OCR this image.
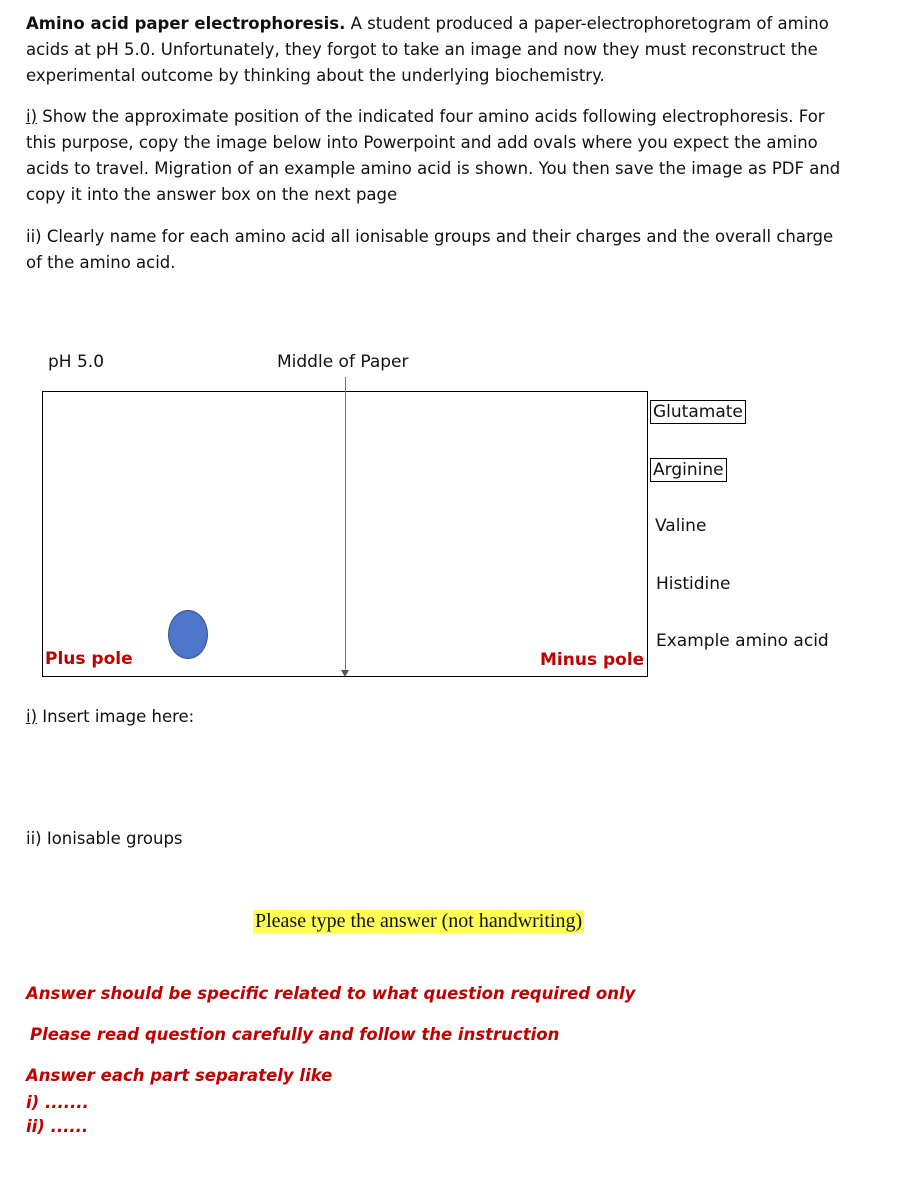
Amino acid paper electrophoresis. A student produced a paper-electrophoretogram of amino acids at pH 5.0. Unfortunately, they forgot to take an image and now they must reconstruct the experimental outcome by thinking about the underlying biochemistry.

i) Show the approximate position of the indicated four amino acids following electrophoresis. For this purpose, copy the image below into Powerpoint and add ovals where you expect the amino acids to travel. Migration of an example amino acid is shown. You then save the image as PDF and copy it into the answer box on the next page

ii) Clearly name for each amino acid all ionisable groups and their charges and the overall charge of the amino acid.

pH 5.0	Middle of Paper
Plus pole	Minus pole
Glutamate
Arginine
Valine
Histidine
Example amino acid
i) Insert image here:
ii) Ionisable groups
Please type the answer (not handwriting)
Answer should be specific related to what question required only
Please read question carefully and follow the instruction
Answer each part separately like
i) .......
ii) ......
